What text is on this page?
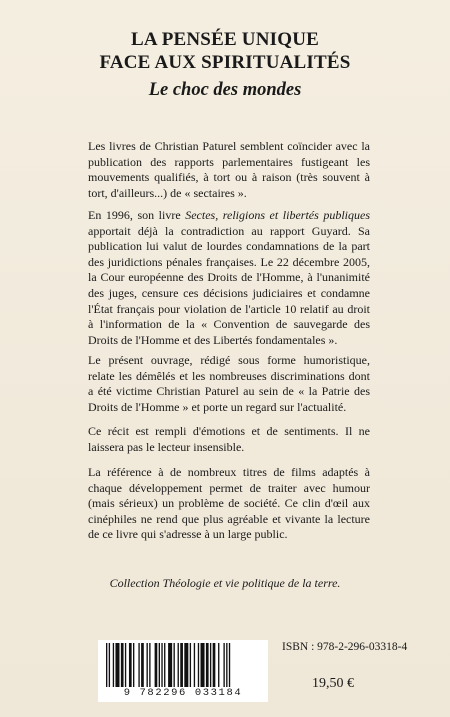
LA PENSÉE UNIQUE
FACE AUX SPIRITUALITÉS
Le choc des mondes

Les livres de Christian Paturel semblent coïncider avec la publication des rapports parlementaires fustigeant les mouvements qualifiés, à tort ou à raison (très souvent à tort, d'ailleurs...) de « sectaires ».

En 1996, son livre Sectes, religions et libertés publiques apportait déjà la contradiction au rapport Guyard. Sa publication lui valut de lourdes condamnations de la part des juridictions pénales françaises. Le 22 décembre 2005, la Cour européenne des Droits de l'Homme, à l'unanimité des juges, censure ces décisions judiciaires et condamne l'État français pour violation de l'article 10 relatif au droit à l'information de la « Convention de sauvegarde des Droits de l'Homme et des Libertés fondamentales ».

Le présent ouvrage, rédigé sous forme humoristique, relate les démêlés et les nombreuses discriminations dont a été victime Christian Paturel au sein de « la Patrie des Droits de l'Homme » et porte un regard sur l'actualité.

Ce récit est rempli d'émotions et de sentiments. Il ne laissera pas le lecteur insensible.

La référence à de nombreux titres de films adaptés à chaque développement permet de traiter avec humour (mais sérieux) un problème de société. Ce clin d'œil aux cinéphiles ne rend que plus agréable et vivante la lecture de ce livre qui s'adresse à un large public.

Collection Théologie et vie politique de la terre.
9 782296 033184
ISBN : 978-2-296-03318-4
19,50 €
